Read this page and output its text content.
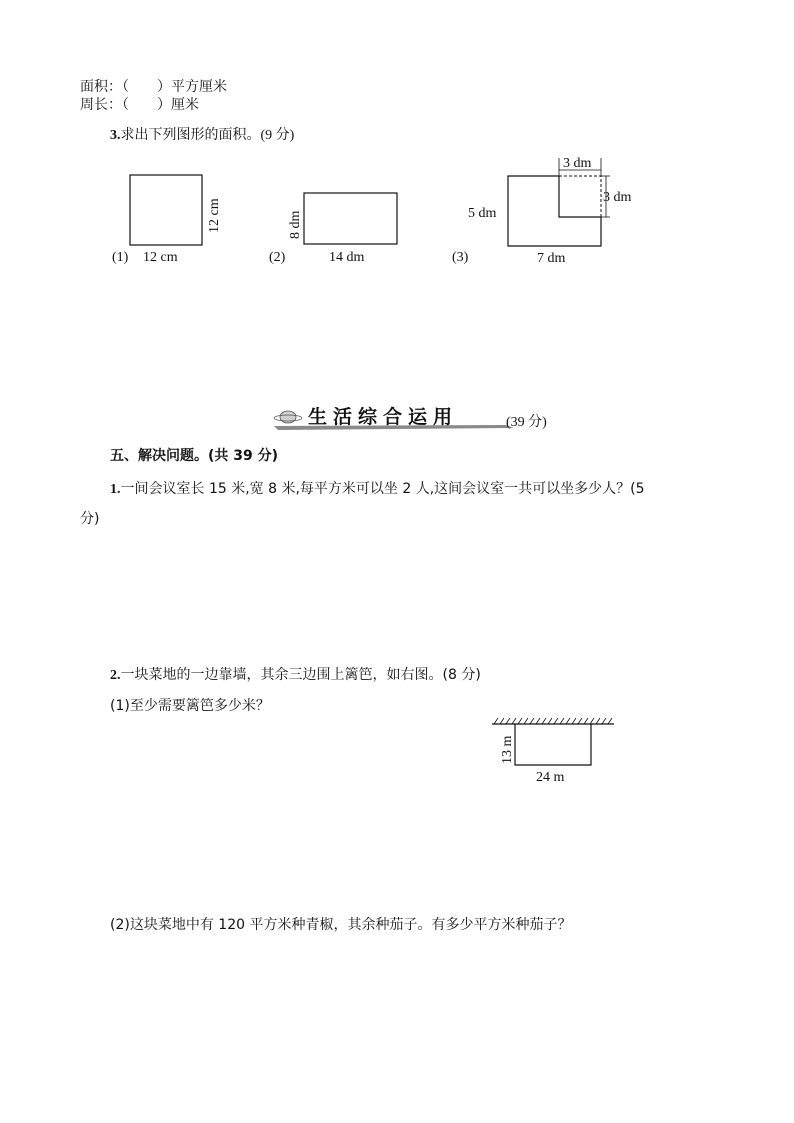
面积：（　　）平方厘米
周长：（　　）厘米
3.求出下列图形的面积。(9 分)
(1) 12 cm
12 cm
(2)	14 dm
8 dm
3 dm
3 dm
5 dm
(3)	7 dm
生活综合运用	(39 分)
五、解决问题。(共 39 分)
1.一间会议室长 15 米,宽 8 米,每平方米可以坐 2 人,这间会议室一共可以坐多少人？(5
分)
2.一块菜地的一边靠墙，其余三边围上篱笆，如右图。(8 分)
(1)至少需要篱笆多少米？
13 m
24 m
(2)这块菜地中有 120 平方米种青椒，其余种茄子。有多少平方米种茄子？
